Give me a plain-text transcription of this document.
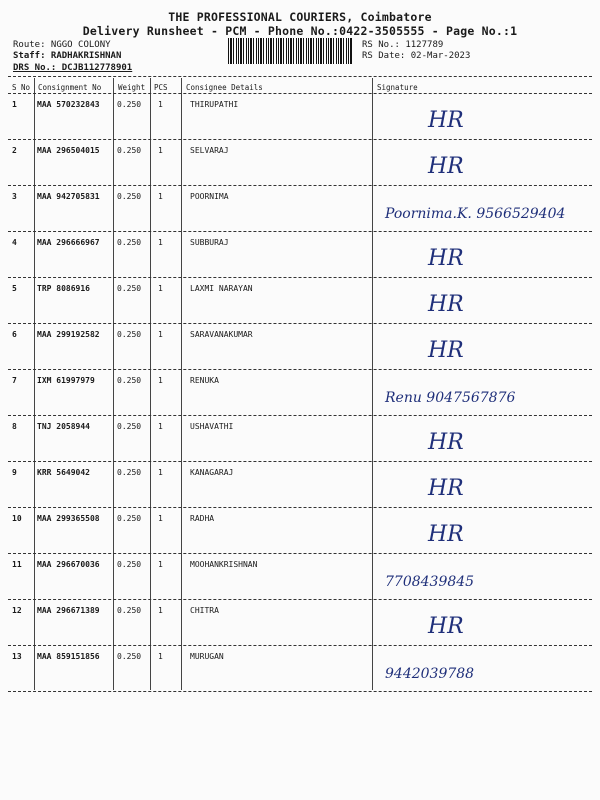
THE PROFESSIONAL COURIERS, Coimbatore
Delivery Runsheet - PCM - Phone No.:0422-3505555 - Page No.:1
Route: NGGO COLONY
Staff: RADHAKRISHNAN
DRS No.: DCJB112778901
RS No.: 1127789
RS Date: 02-Mar-2023
S No Consignment No Weight PCS Consignee Details	Signature
1	MAA 570232843 0.250 1	THIRUPATHI
HR
2	MAA 296504015 0.250 1	SELVARAJ
HR
3	MAA 942705831 0.250 1	POORNIMA
Poornima.K. 9566529404
4	MAA 296666967 0.250 1	SUBBURAJ
HR
5	TRP 8086916	0.250 1	LAXMI NARAYAN
HR
6	MAA 299192582 0.250 1	SARAVANAKUMAR
HR
7	IXM 61997979	0.250 1	RENUKA
Renu 9047567876
8	TNJ 2058944	0.250 1	USHAVATHI
HR
9	KRR 5649042	0.250 1	KANAGARAJ
HR
10 MAA 299365508 0.250 1	RADHA
HR
11 MAA 296670036 0.250 1	MOOHANKRISHNAN
7708439845
12 MAA 296671389 0.250 1	CHITRA
HR
13 MAA 859151856 0.250 1	MURUGAN
9442039788
